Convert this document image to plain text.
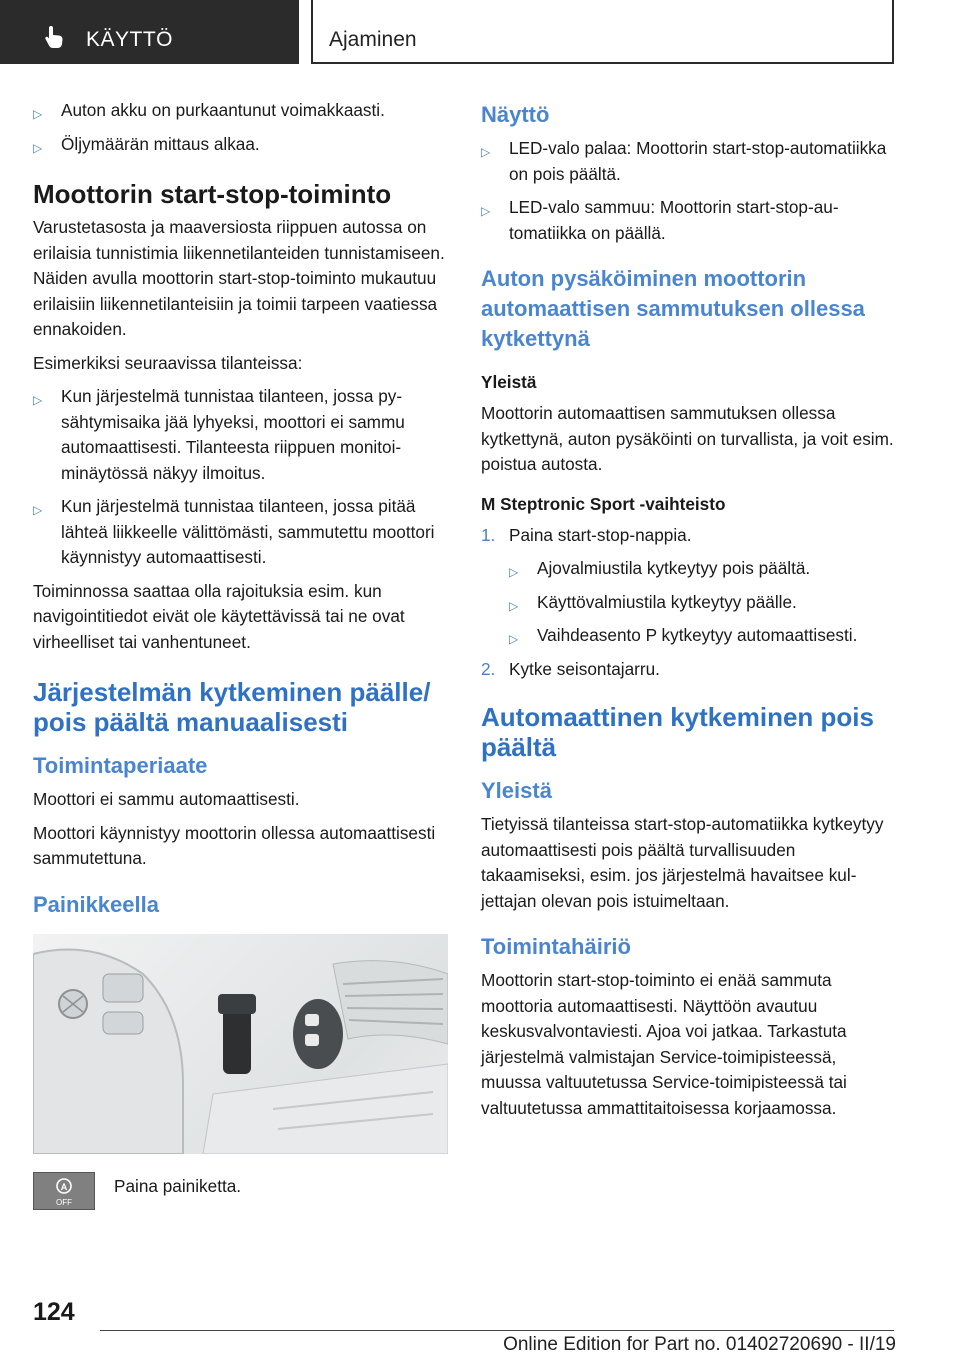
KÄYTTÖ	Ajaminen
▷ Auton akku on purkaantunut voimakkaasti.
▷ Öljymäärän mittaus alkaa.
Moottorin start-stop-toiminto

Varustetasosta ja maaversiosta riippuen autossa on erilaisia tunnistimia liikennetilanteiden tunnistamiseen. Näiden avulla moottorin start-stop-toiminto mukautuu erilaisiin liikennetilanteisiin ja toimii tarpeen vaatiessa ennakoiden.

Esimerkiksi seuraavissa tilanteissa:

▷ Kun järjestelmä tunnistaa tilanteen, jossa pysähtymisaika jää lyhyeksi, moottori ei sammu automaattisesti. Tilanteesta riippuen monitoiminäytössä näkyy ilmoitus.
▷ Kun järjestelmä tunnistaa tilanteen, jossa pitää lähteä liikkeelle välittömästi, sammutettu moottori käynnistyy automaattisesti.

Toiminnossa saattaa olla rajoituksia esim. kun navigointitiedot eivät ole käytettävissä tai ne ovat virheelliset tai vanhentuneet.

Järjestelmän kytkeminen päälle/ pois päältä manuaalisesti
Toimintaperiaate

Moottori ei sammu automaattisesti.

Moottori käynnistyy moottorin ollessa automaattisesti sammutettuna.

Painikkeella
A
OFF
Paina painiketta.
Näyttö
▷ LED-valo palaa: Moottorin start-stop-automatiikka on pois päältä.
▷ LED-valo sammuu: Moottorin start-stop-automatiikka on päällä.
Auton pysäköiminen moottorin automaattisen sammutuksen ollessa kytkettynä
Yleistä

Moottorin automaattisen sammutuksen ollessa kytkettynä, auton pysäköinti on turvallista, ja voit esim. poistua autosta.

M Steptronic Sport -vaihteisto
1. Paina start-stop-nappia.
▷ Ajovalmiustila kytkeytyy pois päältä.
▷ Käyttövalmiustila kytkeytyy päälle.
▷ Vaihdeasento P kytkeytyy automaattisesti.
2. Kytke seisontajarru.
Automaattinen kytkeminen pois päältä
Yleistä

Tietyissä tilanteissa start-stop-automatiikka kytkeytyy automaattisesti pois päältä turvallisuuden takaamiseksi, esim. jos järjestelmä havaitsee kuljettajan olevan pois istuimeltaan.

Toimintahäiriö

Moottorin start-stop-toiminto ei enää sammuta moottoria automaattisesti. Näyttöön avautuu keskusvalvontaviesti. Ajoa voi jatkaa. Tarkastuta järjestelmä valmistajan Service-toimipisteessä, muussa valtuutetussa Service-toimipisteessä tai valtuutetussa ammattitaitoisessa korjaamossa.

124
Online Edition for Part no. 01402720690 - II/19
